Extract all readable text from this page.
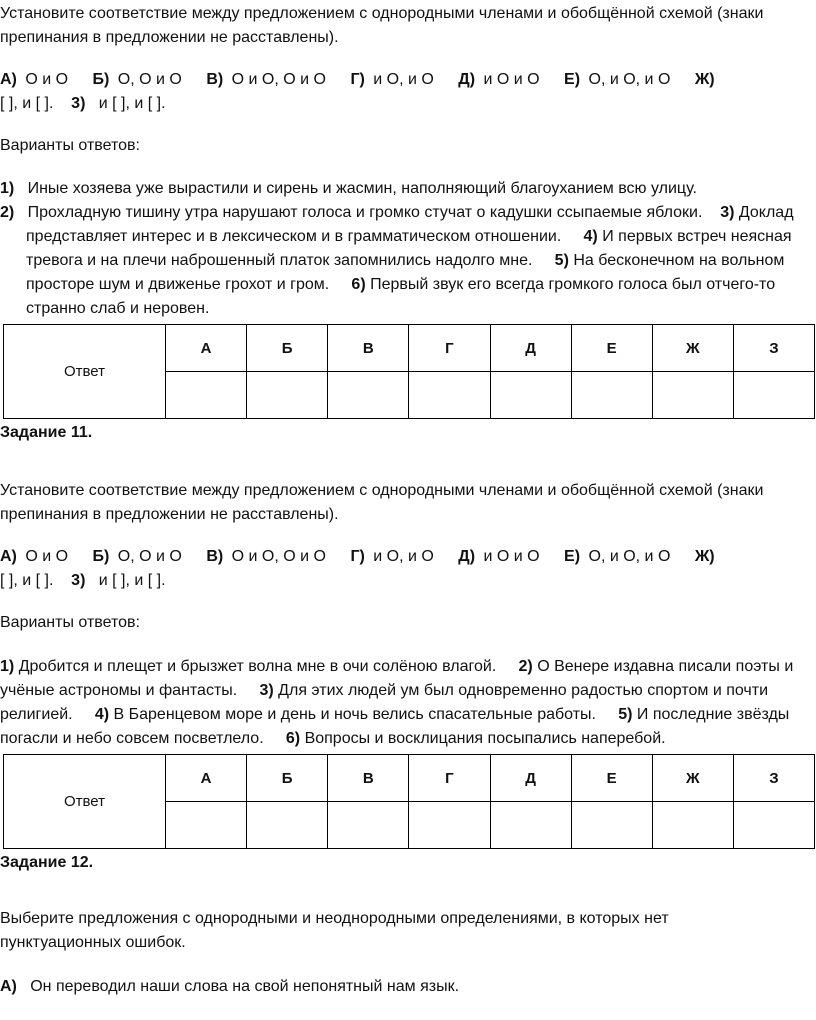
Установите соответствие между предложением с однородными членами и обобщённой схемой (знаки
препинания в предложении не расставлены).
А) О и О Б) О, О и О В) О и О, О и О Г) и О, и О Д) и О и О Е) О, и О, и О Ж)
[ ], и [ ]. 3) и [ ], и [ ].
Варианты ответов:
1) Иные хозяева уже вырастили и сирень и жасмин, наполняющий благоуханием всю улицу.
2) Прохладную тишину утра нарушают голоса и громко стучат о кадушки ссыпаемые яблоки. 3) Доклад
представляет интерес и в лексическом и в грамматическом отношении. 4) И первых встреч неясная
тревога и на плечи наброшенный платок запомнились надолго мне. 5) На бесконечном на вольном
просторе шум и движенье грохот и гром. 6) Первый звук его всегда громкого голоса был отчего-то
странно слаб и неровен.
Ответ	А	Б	В	Г	Д	Е	Ж	З

Задание 11.
Установите соответствие между предложением с однородными членами и обобщённой схемой (знаки
препинания в предложении не расставлены).
А) О и О Б) О, О и О В) О и О, О и О Г) и О, и О Д) и О и О Е) О, и О, и О Ж)
[ ], и [ ]. 3) и [ ], и [ ].
Варианты ответов:
1) Дробится и плещет и брызжет волна мне в очи солёною влагой. 2) О Венере издавна писали поэты и
учёные астрономы и фантасты. 3) Для этих людей ум был одновременно радостью спортом и почти
религией. 4) В Баренцевом море и день и ночь велись спасательные работы. 5) И последние звёзды
погасли и небо совсем посветлело. 6) Вопросы и восклицания посыпались наперебой.
Ответ	А	Б	В	Г	Д	Е	Ж	З

Задание 12.
Выберите предложения с однородными и неоднородными определениями, в которых нет
пунктуационных ошибок.
А) Он переводил наши слова на свой непонятный нам язык.
